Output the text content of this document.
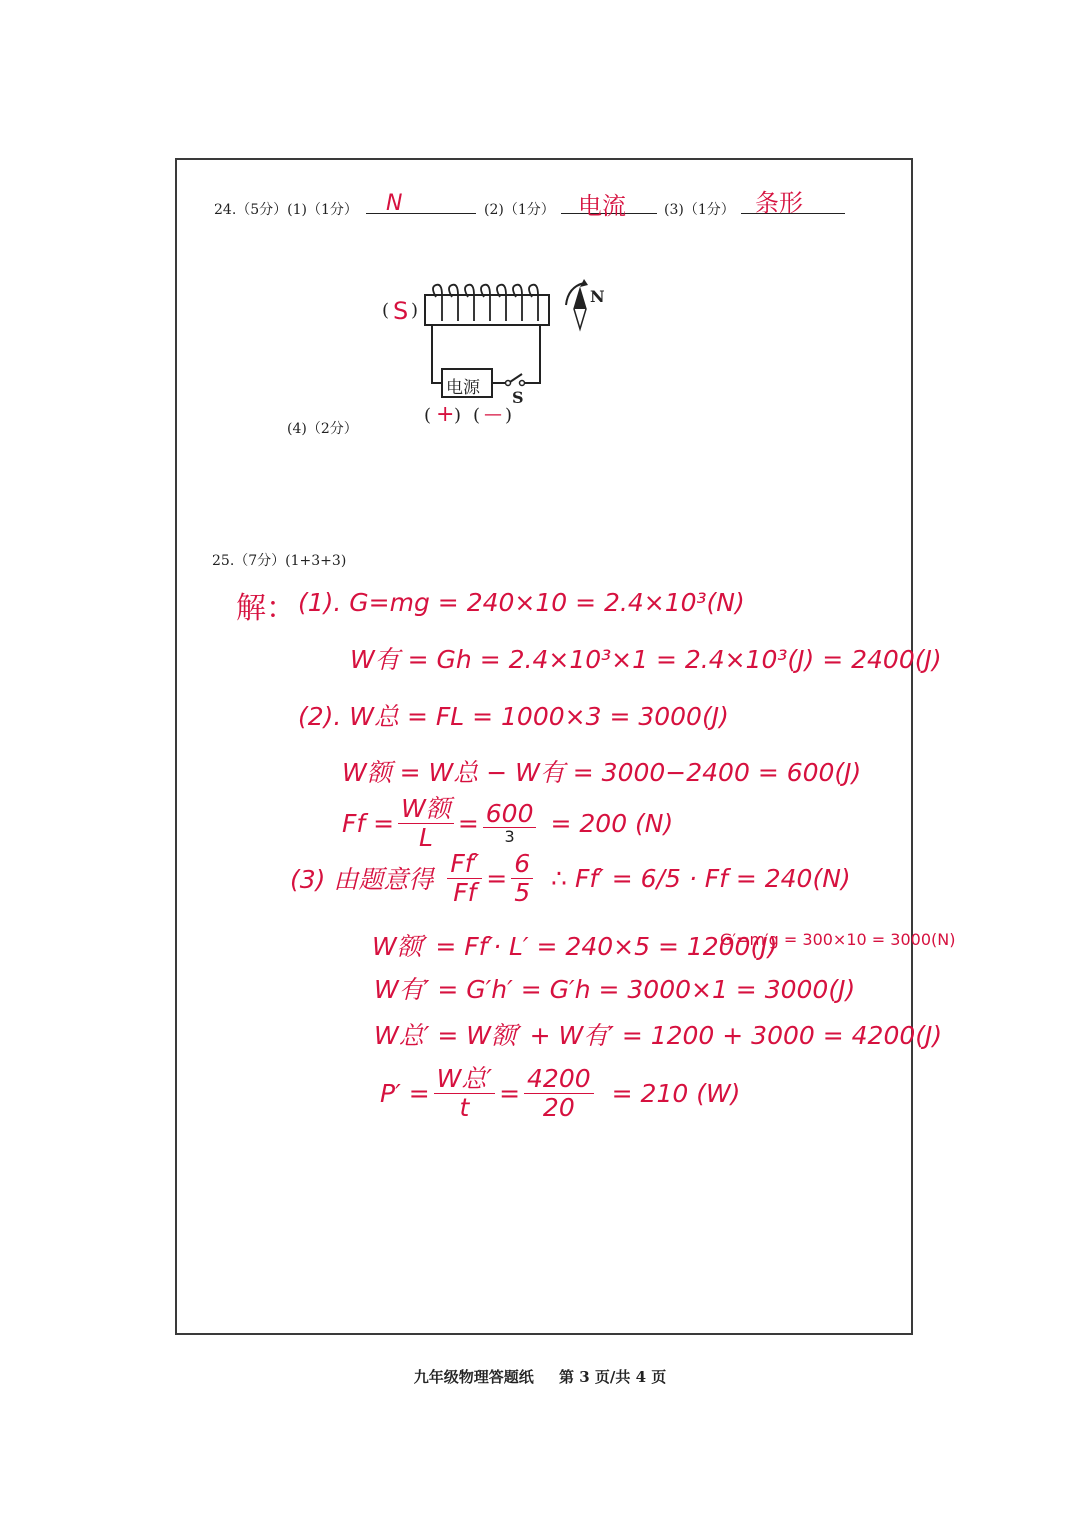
24.（5分）(1)（1分） N	(2)（1分） 电流	(3)（1分） 条形
( S )
电源 S
N
( + ) ( — )
(4)（2分）
25.（7分）(1+3+3)
解： (1). G=mg = 240×10 = 2.4×10³(N)
W有 = Gh = 2.4×10³×1 = 2.4×10³(J) = 2400(J)
(2). W总 = FL = 1000×3 = 3000(J)
W额 = W总 − W有 = 3000−2400 = 600(J)
$Ff = \frac{\text{W额}}{L} = \frac{600}{3} = 200$ (N)
(3) 由题意得 $\frac{Ff'}{Ff} = \frac{6}{5}$ ∴ Ff′ = 6/5 · Ff = 240(N)
W额′ = Ff′· L′ = 240×5 = 1200(J)
G′=m′g = 300×10 = 3000(N)
W有′ = G′h′ = G′h = 3000×1 = 3000(J)
W总′ = W额′ + W有′ = 1200 + 3000 = 4200(J)
$P' = \frac{\text{W总′}}{t} = \frac{4200}{20} = 210$ (W)
九年级物理答题纸 第 3 页/共 4 页
